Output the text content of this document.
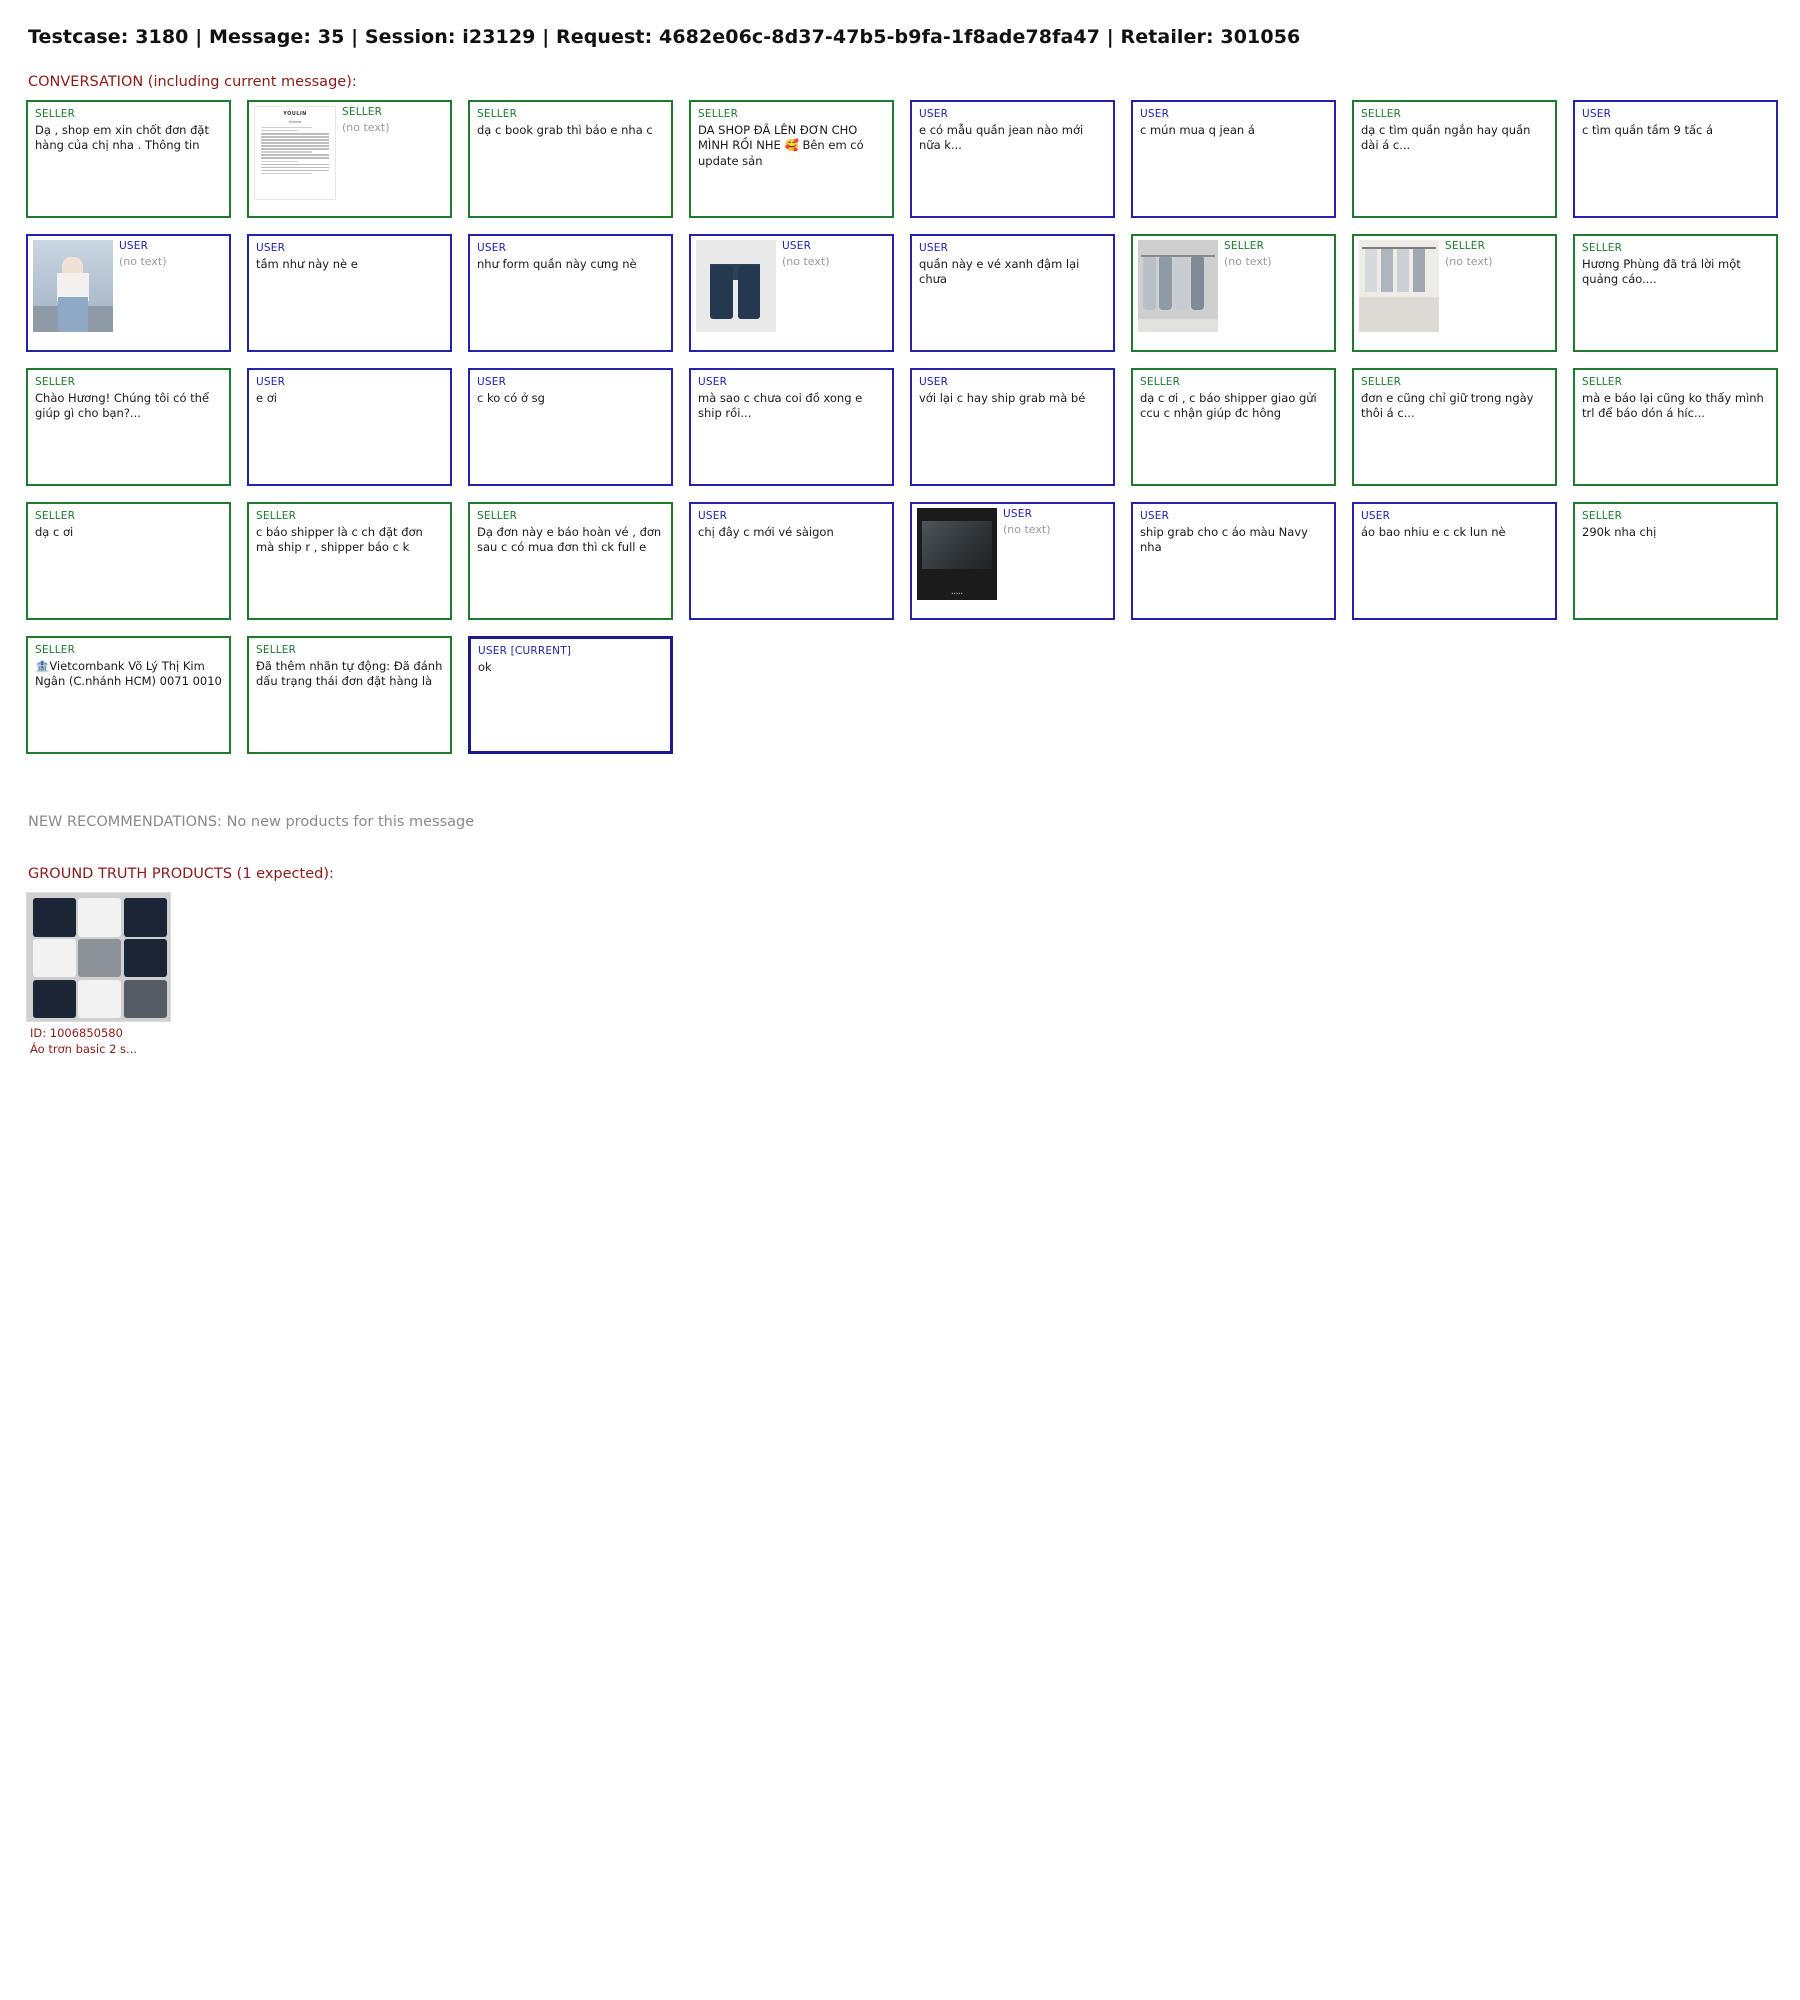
Testcase: 3180 | Message: 35 | Session: i23129 | Request: 4682e06c-8d37-47b5-b9fa-1f8ade78fa47 | Retailer: 301056
CONVERSATION (including current message):
SELLER
Dạ , shop em xin chốt đơn đặt hàng của chị nha . Thông tin
YOULIN
FASHION
SELLER
(no text)
SELLER
dạ c book grab thì báo e nha c
SELLER
DA SHOP ĐÃ LÊN ĐƠN CHO MÌNH RỒI NHE 🥰 Bên em có update sản
USER
e có mẫu quần jean nào mới nữa k...
USER
c mún mua q jean á
SELLER
dạ c tìm quần ngắn hay quần dài á c...
USER
c tìm quần tầm 9 tấc á
USER
(no text)
USER
tầm như này nè e
USER
như form quần này cưng nè
USER
(no text)
USER
quần này e vé xanh đậm lại chưa
SELLER
(no text)
SELLER
(no text)
SELLER
Hương Phùng đã trả lời một quảng cáo....
SELLER
Chào Hương! Chúng tôi có thể giúp gì cho bạn?...
USER
e ơi
USER
c ko có ở sg
USER
mà sao c chưa coi đồ xong e ship rồi...
USER
với lại c hay ship grab mà bé
SELLER
dạ c ơi , c báo shipper giao gửi ccu c nhận giúp đc hông
SELLER
đơn e cũng chỉ giữ trong ngày thôi á c...
SELLER
mà e báo lại cũng ko thấy mình trl để báo dón á híc...
SELLER
dạ c ơi
SELLER
c báo shipper là c ch đặt đơn mà ship r , shipper báo c k
SELLER
Dạ đơn này e báo hoàn vé , đơn sau c có mua đơn thì ck full e
USER
chị đây c mới vé sàigon
•••••
USER
(no text)
USER
ship grab cho c áo màu Navy nha
USER
áo bao nhiu e c ck lun nè
SELLER
290k nha chị
SELLER
🏦Vietcombank Võ Lý Thị Kim Ngân (C.nhánh HCM) 0071 0010
SELLER
Đã thêm nhãn tự động: Đã đánh dấu trạng thái đơn đặt hàng là
USER [CURRENT]
ok
NEW RECOMMENDATIONS: No new products for this message
GROUND TRUTH PRODUCTS (1 expected):
ID: 1006850580
Áo trơn basic 2 s...
